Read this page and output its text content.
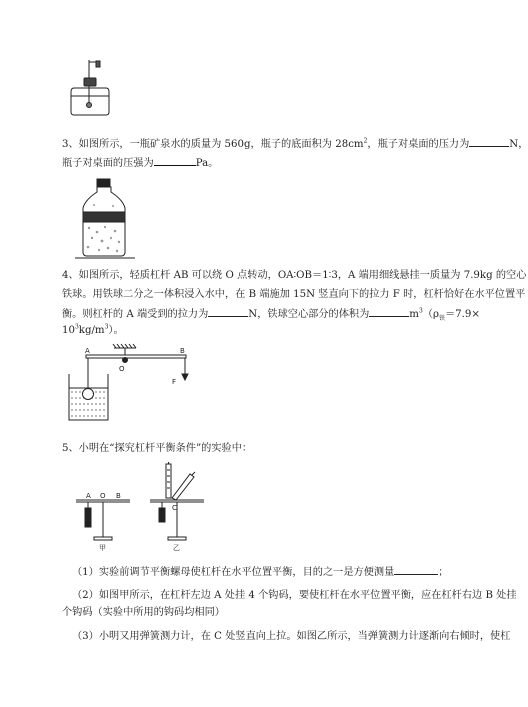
3、如图所示，一瓶矿泉水的质量为 560g，瓶子的底面积为 $28cm^2$，瓶子对桌面的压力为	N，
瓶子对桌面的压强为	Pa。
4、如图所示，轻质杠杆 AB 可以绕 O 点转动，OA∶OB＝1∶3，A 端用细线悬挂一质量为 7.9kg 的空心
铁球。用铁球二分之一体积浸入水中，在 B 端施加 15N 竖直向下的拉力 F 时，杠杆恰好在水平位置平
衡。则杠杆的 A 端受到的拉力为	N，铁球空心部分的体积为	$m^3(\rho_铁=7.9\times$
$10^3kg/m^3$）。
A
O
B
F
5、小明在“探究杠杆平衡条件”的实验中：
A O B
C
甲	乙
（1）实验前调节平衡螺母使杠杆在水平位置平衡，目的之一是方便测量	；
（2）如图甲所示，在杠杆左边 A 处挂 4 个钩码，要使杠杆在水平位置平衡，应在杠杆右边 B 处挂
个钩码（实验中所用的钩码均相同）
（3）小明又用弹簧测力计，在 C 处竖直向上拉。如图乙所示，当弹簧测力计逐渐向右倾时，使杠
